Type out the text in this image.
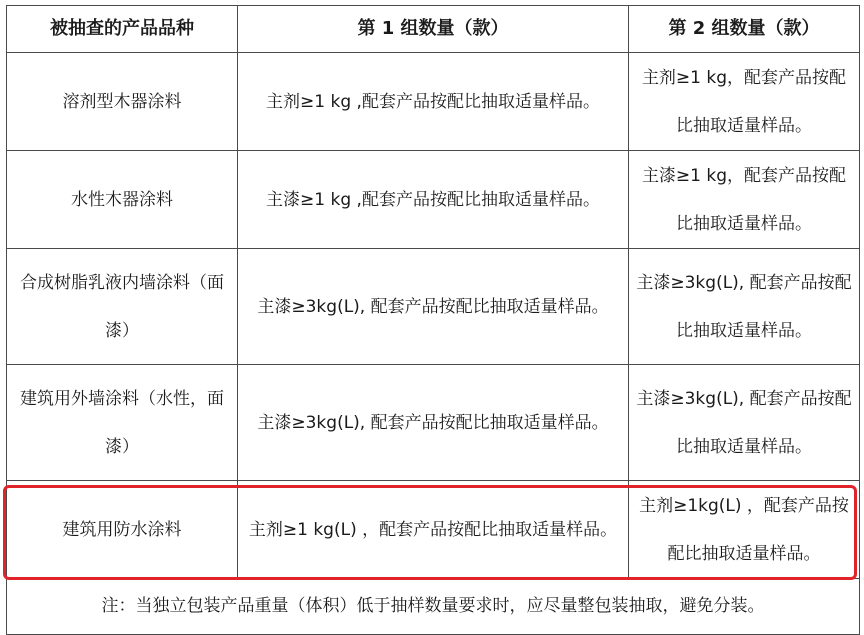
被抽查的产品品种	第 1 组数量（款）	第 2 组数量（款）
溶剂型木器涂料	主剂≥1 kg ,配套产品按配比抽取适量样品。	主剂≥1 kg，配套产品按配比抽取适量样品。
水性木器涂料	主漆≥1 kg ,配套产品按配比抽取适量样品。	主漆≥1 kg，配套产品按配比抽取适量样品。
合成树脂乳液内墙涂料（面漆）	主漆≥3kg(L), 配套产品按配比抽取适量样品。	主漆≥3kg(L), 配套产品按配比抽取适量样品。
建筑用外墙涂料（水性，面漆）	主漆≥3kg(L), 配套产品按配比抽取适量样品。	主漆≥3kg(L), 配套产品按配比抽取适量样品。
建筑用防水涂料	主剂≥1 kg(L) ，配套产品按配比抽取适量样品。	主剂≥1kg(L) ，配套产品按配比抽取适量样品。
注：当独立包装产品重量（体积）低于抽样数量要求时，应尽量整包装抽取，避免分装。		
